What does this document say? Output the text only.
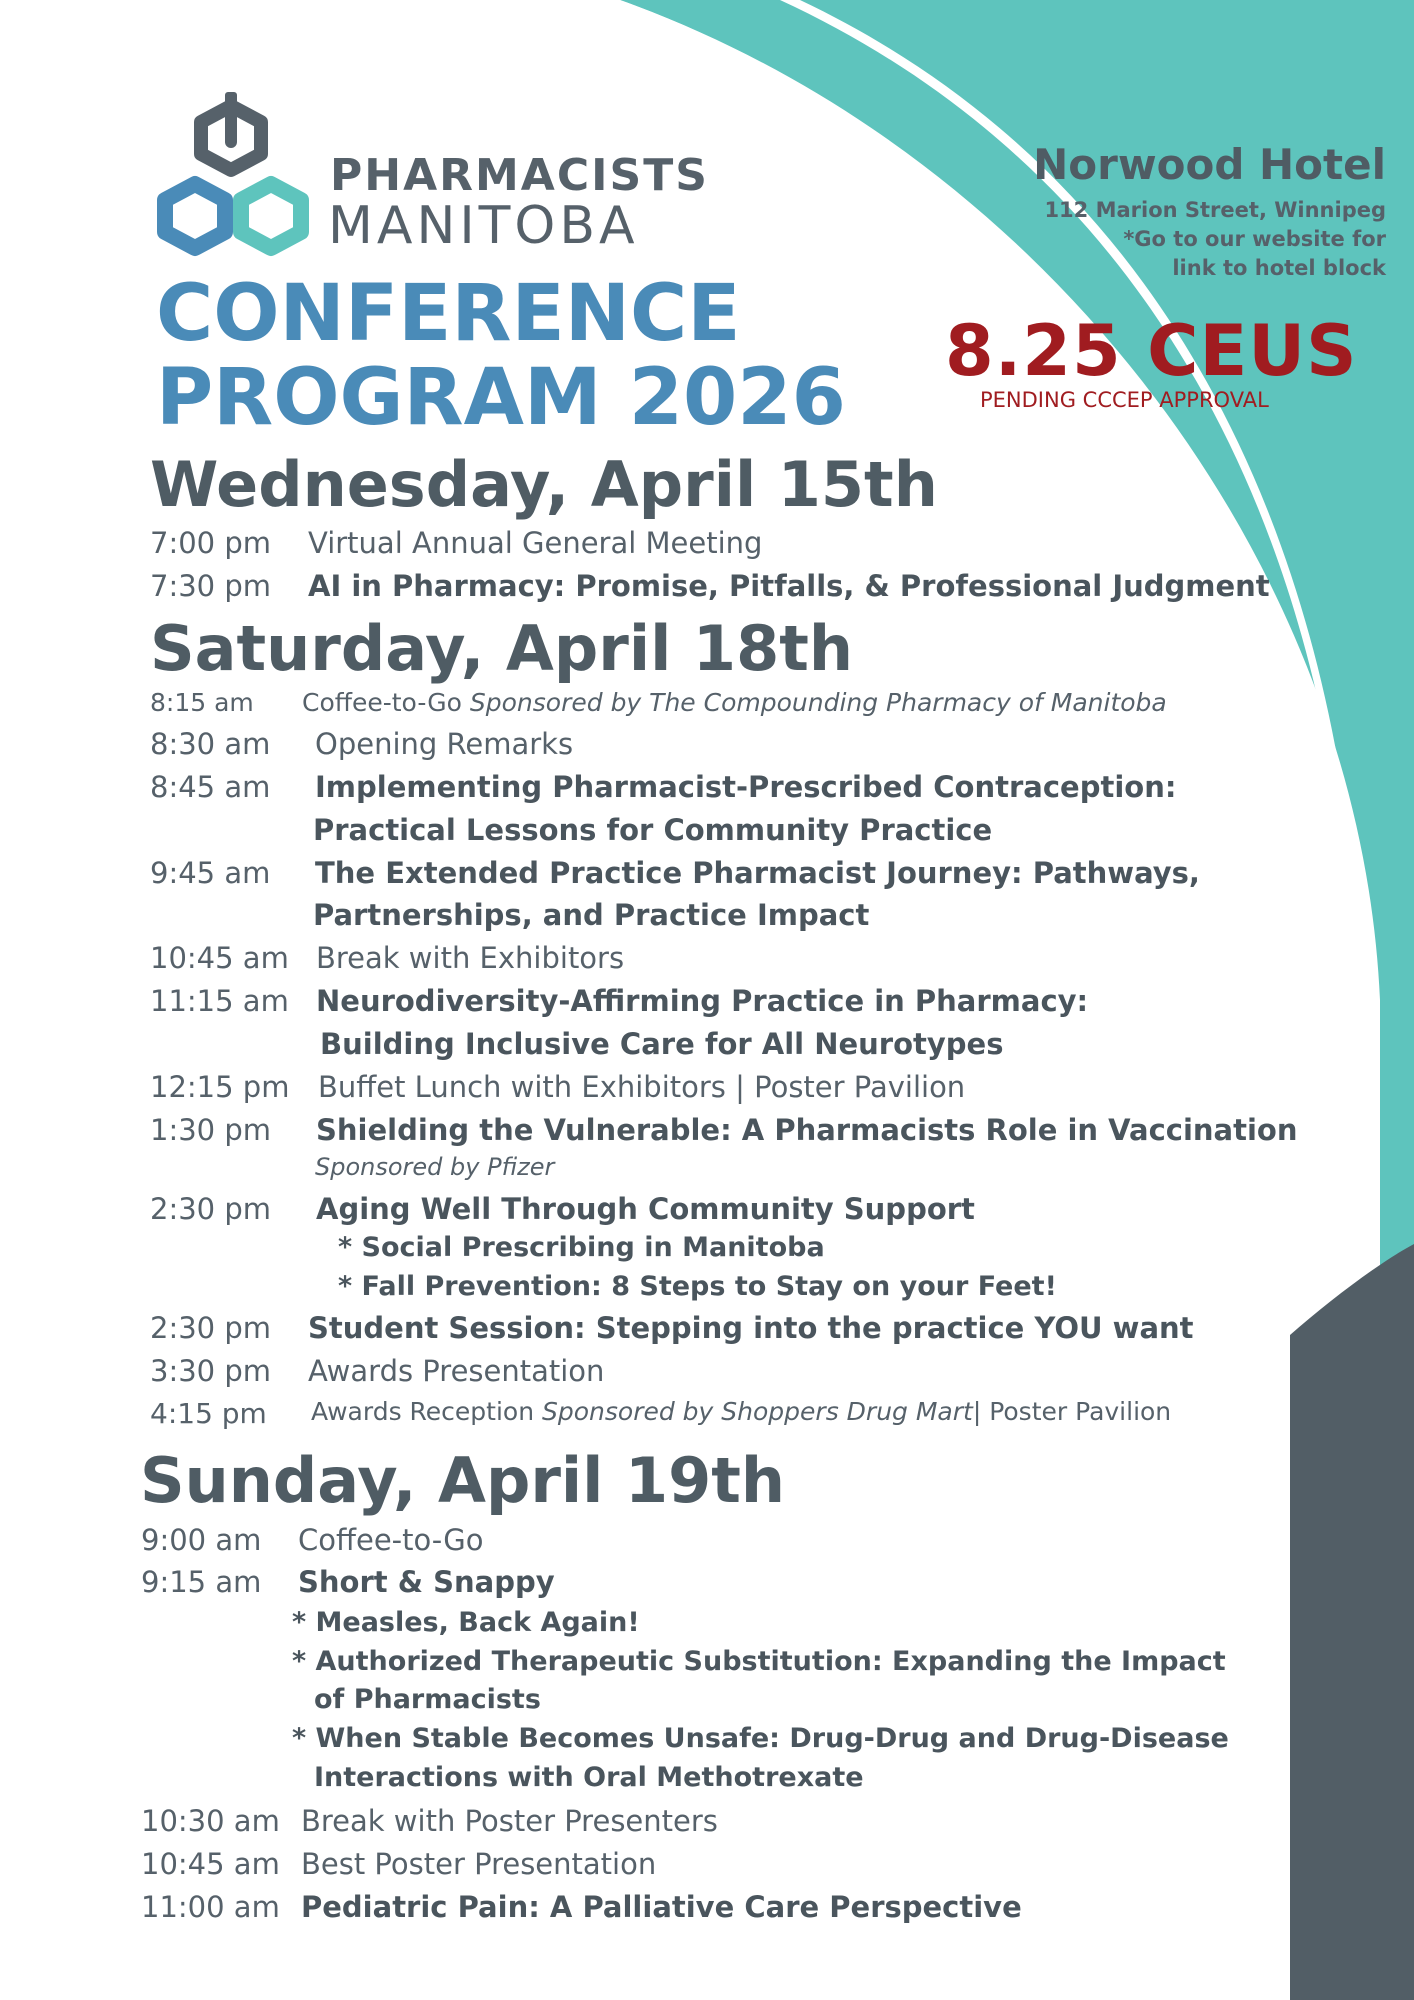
PHARMACISTS
MANITOBA
CONFERENCE
PROGRAM 2026
Norwood Hotel
112 Marion Street, Winnipeg
*Go to our website for
link to hotel block
8.25 CEUS
PENDING CCCEP APPROVAL
Wednesday, April 15th
7:00 pm Virtual Annual General Meeting
7:30 pm AI in Pharmacy: Promise, Pitfalls, & Professional Judgment
Saturday, April 18th
8:15 am Coffee-to-Go Sponsored by The Compounding Pharmacy of Manitoba
8:30 am Opening Remarks
8:45 am Implementing Pharmacist-Prescribed Contraception:
Practical Lessons for Community Practice
9:45 am The Extended Practice Pharmacist Journey: Pathways,
Partnerships, and Practice Impact
10:45 am Break with Exhibitors
11:15 am Neurodiversity-Affirming Practice in Pharmacy:
Building Inclusive Care for All Neurotypes
12:15 pm Buffet Lunch with Exhibitors | Poster Pavilion
1:30 pm Shielding the Vulnerable: A Pharmacists Role in Vaccination
Sponsored by Pfizer
2:30 pm Aging Well Through Community Support
* Social Prescribing in Manitoba
* Fall Prevention: 8 Steps to Stay on your Feet!
2:30 pm Student Session: Stepping into the practice YOU want
3:30 pm Awards Presentation
4:15 pm Awards Reception Sponsored by Shoppers Drug Mart| Poster Pavilion
Sunday, April 19th
9:00 am Coffee-to-Go
9:15 am Short & Snappy
* Measles, Back Again!
* Authorized Therapeutic Substitution: Expanding the Impact
of Pharmacists
* When Stable Becomes Unsafe: Drug-Drug and Drug-Disease
Interactions with Oral Methotrexate
10:30 am Break with Poster Presenters
10:45 am Best Poster Presentation
11:00 am Pediatric Pain: A Palliative Care Perspective
